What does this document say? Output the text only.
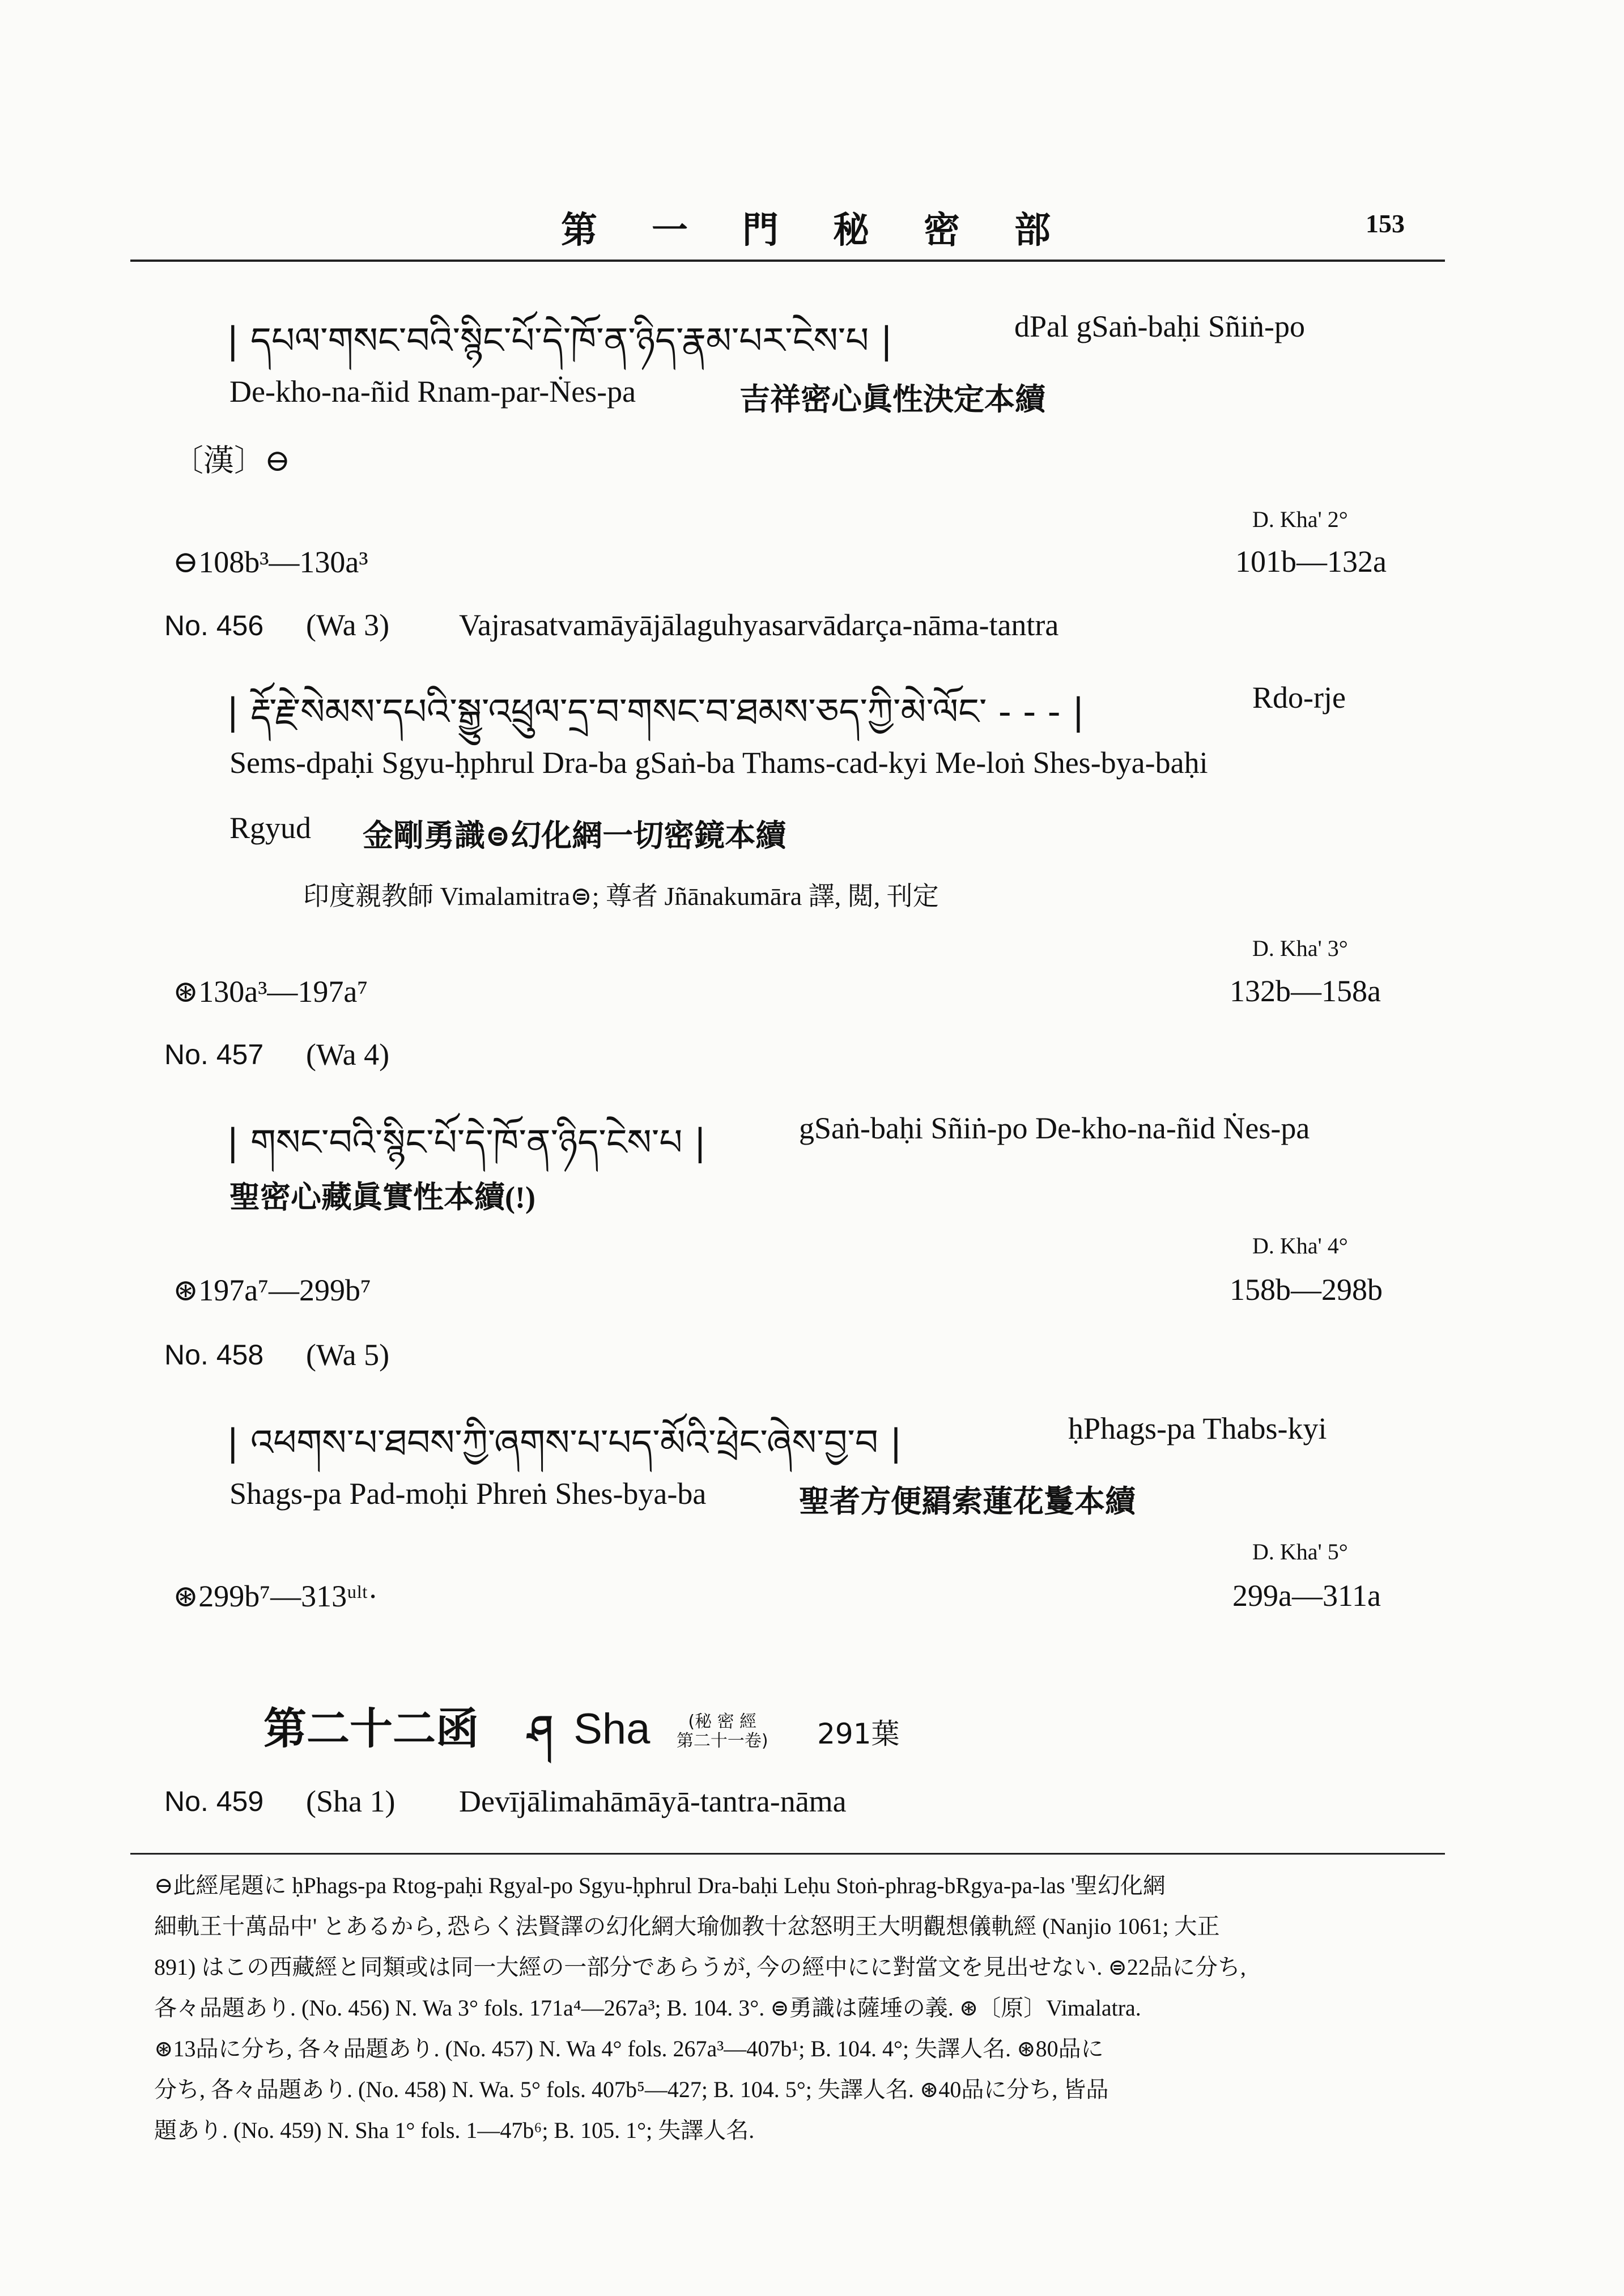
第 一 門 秘 密 部	153
| དཔལ་གསང་བའི་སྙིང་པོ་དེ་ཁོ་ན་ཉིད་རྣམ་པར་ངེས་པ |	dPal gSaṅ-baḥi Sñiṅ-po
De-kho-na-ñid Rnam-par-Ṅes-pa	吉祥密心眞性決定本續
〔漢〕⊖
D. Kha' 2°
⊖108b³—130a³	101b—132a
No. 456 (Wa 3) Vajrasatvamāyājālaguhyasarvādarça-nāma-tantra
| རྡོ་རྗེ་སེམས་དཔའི་སྒྱུ་འཕྲུལ་དྲ་བ་གསང་བ་ཐམས་ཅད་ཀྱི་མེ་ལོང་ - - - |	Rdo-rje
Sems-dpaḥi Sgyu-ḥphrul Dra-ba gSaṅ-ba Thams-cad-kyi Me-loṅ Shes-bya-baḥi
Rgyud 金剛勇識⊜幻化網一切密鏡本續
印度親教師 Vimalamitra⊜; 尊者 Jñānakumāra 譯, 閲, 刊定
D. Kha' 3°
⊛130a³—197a⁷	132b—158a
No. 457 (Wa 4)
| གསང་བའི་སྙིང་པོ་དེ་ཁོ་ན་ཉིད་ངེས་པ |	gSaṅ-baḥi Sñiṅ-po De-kho-na-ñid Ṅes-pa
聖密心藏眞實性本續(!)
D. Kha' 4°
⊛197a⁷—299b⁷	158b—298b
No. 458 (Wa 5)
| འཕགས་པ་ཐབས་ཀྱི་ཞགས་པ་པད་མོའི་ཕྲེང་ཞེས་བྱ་བ |	ḥPhags-pa Thabs-kyi
Shags-pa Pad-moḥi Phreṅ Shes-bya-ba	聖者方便羂索蓮花鬘本續
D. Kha' 5°
⊛299b⁷—313ᵘˡᵗ·	299a—311a
第二十二函 ཤ Sha (秘 密 經
第二十一卷) 291葉
No. 459 (Sha 1) Devījālimahāmāyā-tantra-nāma
⊖此經尾題に ḥPhags-pa Rtog-paḥi Rgyal-po Sgyu-ḥphrul Dra-baḥi Leḥu Stoṅ-phrag-bRgya-pa-las '聖幻化網
細軌王十萬品中' とあるから, 恐らく法賢譯の幻化網大瑜伽教十忿怒明王大明觀想儀軌經 (Nanjio 1061; 大正
891) はこの西藏經と同類或は同一大經の一部分であらうが, 今の經中にに對當文を見出せない. ⊜22品に分ち,
各々品題あり. (No. 456) N. Wa 3° fols. 171a⁴—267a³; B. 104. 3°. ⊜勇識は薩埵の義. ⊛〔原〕Vimalatra.
⊛13品に分ち, 各々品題あり. (No. 457) N. Wa 4° fols. 267a³—407b¹; B. 104. 4°; 失譯人名. ⊛80品に
分ち, 各々品題あり. (No. 458) N. Wa. 5° fols. 407b⁵—427; B. 104. 5°; 失譯人名. ⊛40品に分ち, 皆品
題あり. (No. 459) N. Sha 1° fols. 1—47b⁶; B. 105. 1°; 失譯人名.
